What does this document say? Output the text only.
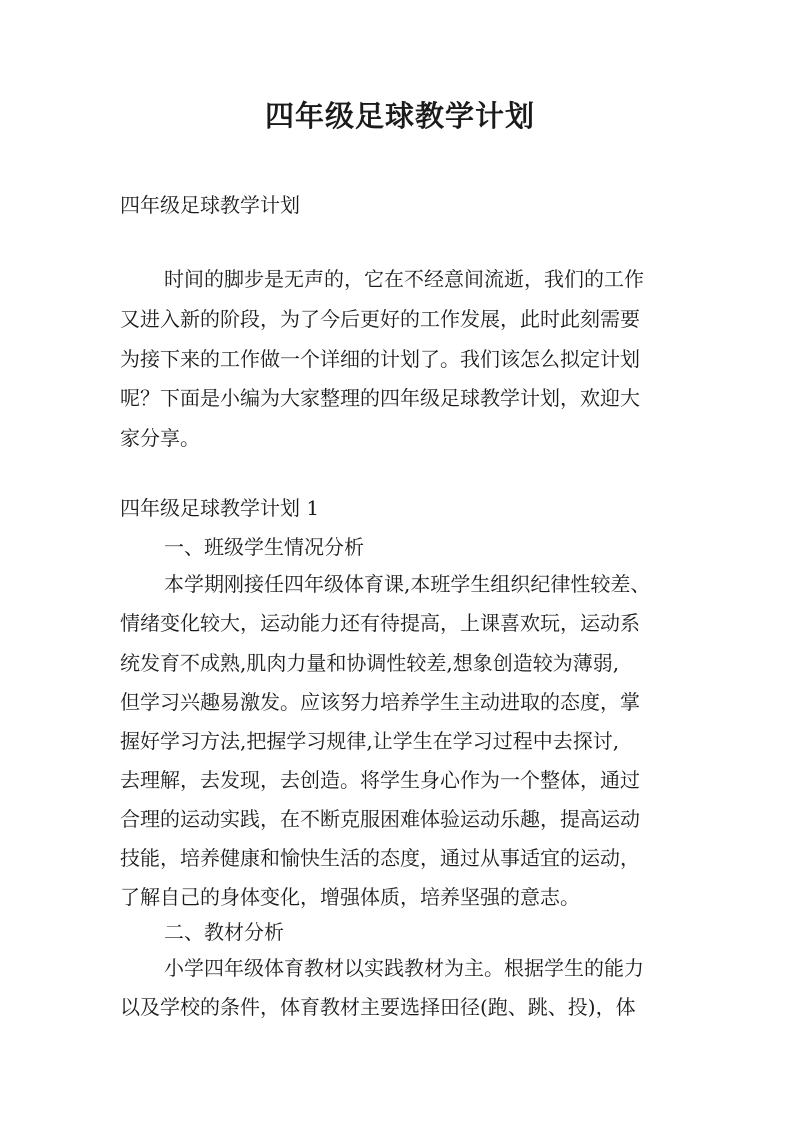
四年级足球教学计划

四年级足球教学计划

时间的脚步是无声的，它在不经意间流逝，我们的工作

又进入新的阶段，为了今后更好的工作发展，此时此刻需要

为接下来的工作做一个详细的计划了。我们该怎么拟定计划

呢？下面是小编为大家整理的四年级足球教学计划，欢迎大

家分享。

四年级足球教学计划 1

一、班级学生情况分析

本学期刚接任四年级体育课,本班学生组织纪律性较差、

情绪变化较大，运动能力还有待提高，上课喜欢玩，运动系

统发育不成熟,肌肉力量和协调性较差,想象创造较为薄弱,

但学习兴趣易激发。应该努力培养学生主动进取的态度，掌

握好学习方法,把握学习规律,让学生在学习过程中去探讨,

去理解，去发现，去创造。将学生身心作为一个整体，通过

合理的运动实践，在不断克服困难体验运动乐趣，提高运动

技能，培养健康和愉快生活的态度，通过从事适宜的运动，

了解自己的身体变化，增强体质，培养坚强的意志。

二、教材分析

小学四年级体育教材以实践教材为主。根据学生的能力

以及学校的条件，体育教材主要选择田径(跑、跳、投)，体
